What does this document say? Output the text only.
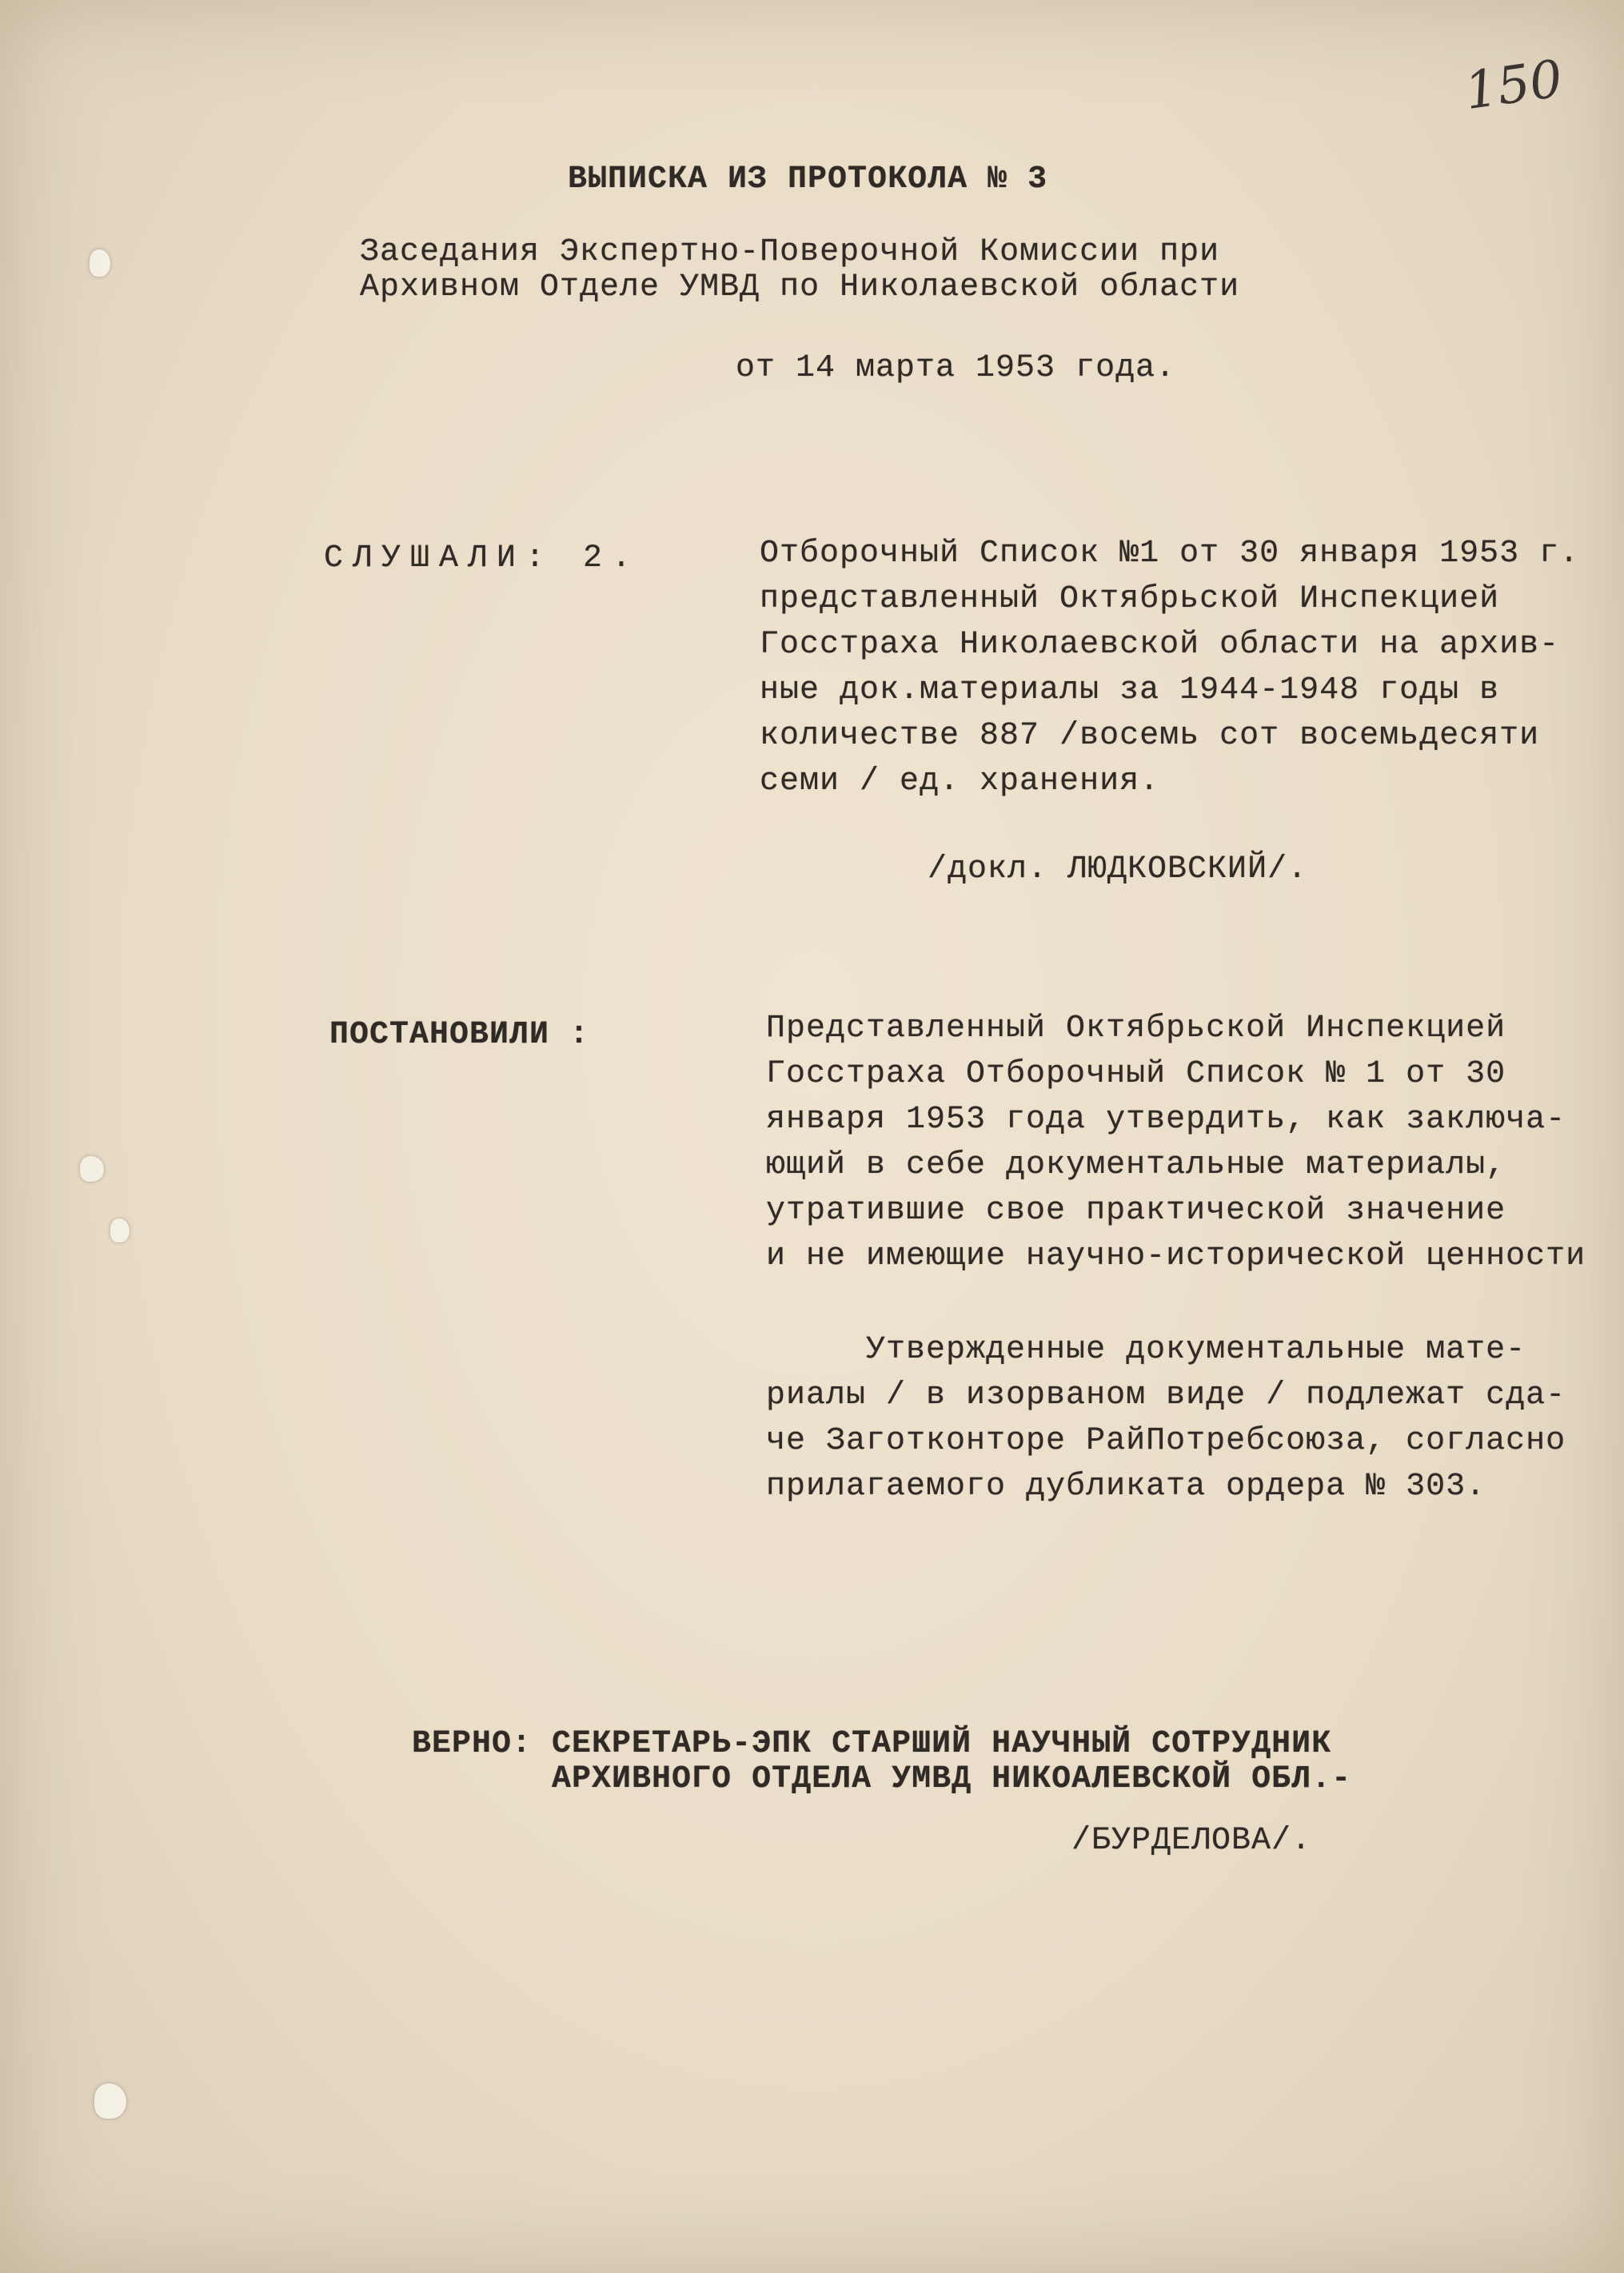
150

ВЫПИСКА ИЗ ПРОТОКОЛА № 3

Заседания Экспертно-Поверочной Комиссии при
Архивном Отделе УМВД по Николаевской области

от 14 марта 1953 года.

СЛУШАЛИ: 2.	Отборочный Список №1 от 30 января 1953 г.
представленный Октябрьской Инспекцией
Госстраха Николаевской области на архив-
ные док.материалы за 1944-1948 годы в
количестве 887 /восемь сот восемьдесяти
семи / ед. хранения.

/докл. ЛЮДКОВСКИЙ/.

ПОСТАНОВИЛИ :	Представленный Октябрьской Инспекцией
Госстраха Отборочный Список № 1 от 30
января 1953 года утвердить, как заключа-
ющий в себе документальные материалы,
утратившие свое практической значение
и не имеющие научно-исторической ценности

Утвержденные документальные мате-
риалы / в изорваном виде / подлежат сда-
че Заготконторе РайПотребсоюза, согласно
прилагаемого дубликата ордера № 303.

ВЕРНО: СЕКРЕТАРЬ-ЭПК СТАРШИЙ НАУЧНЫЙ СОТРУДНИК
АРХИВНОГО ОТДЕЛА УМВД НИКОАЛЕВСКОЙ ОБЛ.-

/БУРДЕЛОВА/.
